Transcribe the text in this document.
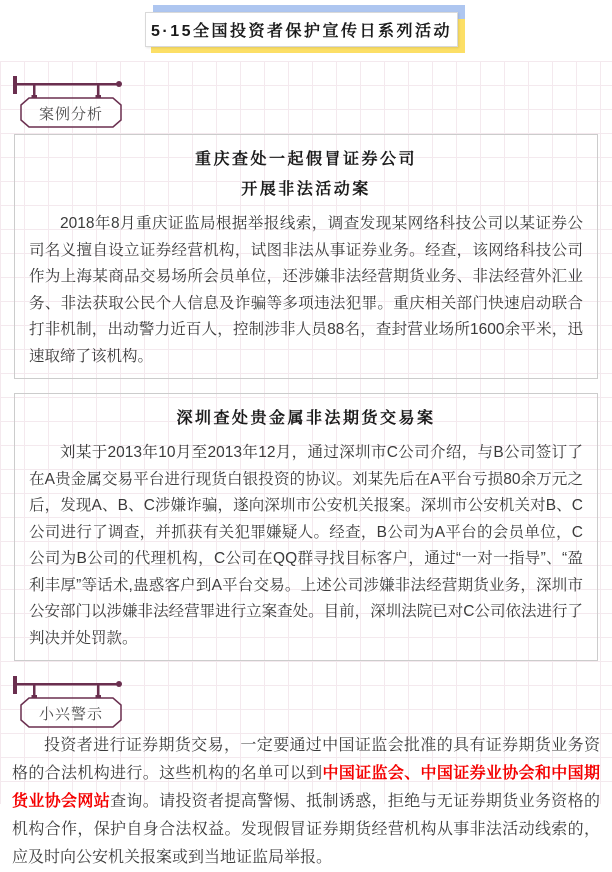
5·15全国投资者保护宣传日系列活动
案例分析
重庆查处一起假冒证券公司
开展非法活动案
2018年8月重庆证监局根据举报线索，调查发现某网络科技公司以某证券公司名义擅自设立证券经营机构，试图非法从事证券业务。经查，该网络科技公司作为上海某商品交易场所会员单位，还涉嫌非法经营期货业务、非法经营外汇业务、非法获取公民个人信息及诈骗等多项违法犯罪。重庆相关部门快速启动联合打非机制，出动警力近百人，控制涉非人员88名，查封营业场所1600余平米，迅速取缔了该机构。
深圳查处贵金属非法期货交易案
刘某于2013年10月至2013年12月，通过深圳市C公司介绍，与B公司签订了在A贵金属交易平台进行现货白银投资的协议。刘某先后在A平台亏损80余万元之后，发现A、B、C涉嫌诈骗，遂向深圳市公安机关报案。深圳市公安机关对B、C公司进行了调查，并抓获有关犯罪嫌疑人。经查，B公司为A平台的会员单位，C公司为B公司的代理机构，C公司在QQ群寻找目标客户，通过“一对一指导”、“盈利丰厚”等话术,蛊惑客户到A平台交易。上述公司涉嫌非法经营期货业务，深圳市公安部门以涉嫌非法经营罪进行立案查处。目前，深圳法院已对C公司依法进行了判决并处罚款。
小兴警示

投资者进行证券期货交易，一定要通过中国证监会批准的具有证券期货业务资格的合法机构进行。这些机构的名单可以到中国证监会、中国证券业协会和中国期货业协会网站查询。请投资者提高警惕、抵制诱惑，拒绝与无证券期货业务资格的机构合作，保护自身合法权益。发现假冒证券期货经营机构从事非法活动线索的，应及时向公安机关报案或到当地证监局举报。
